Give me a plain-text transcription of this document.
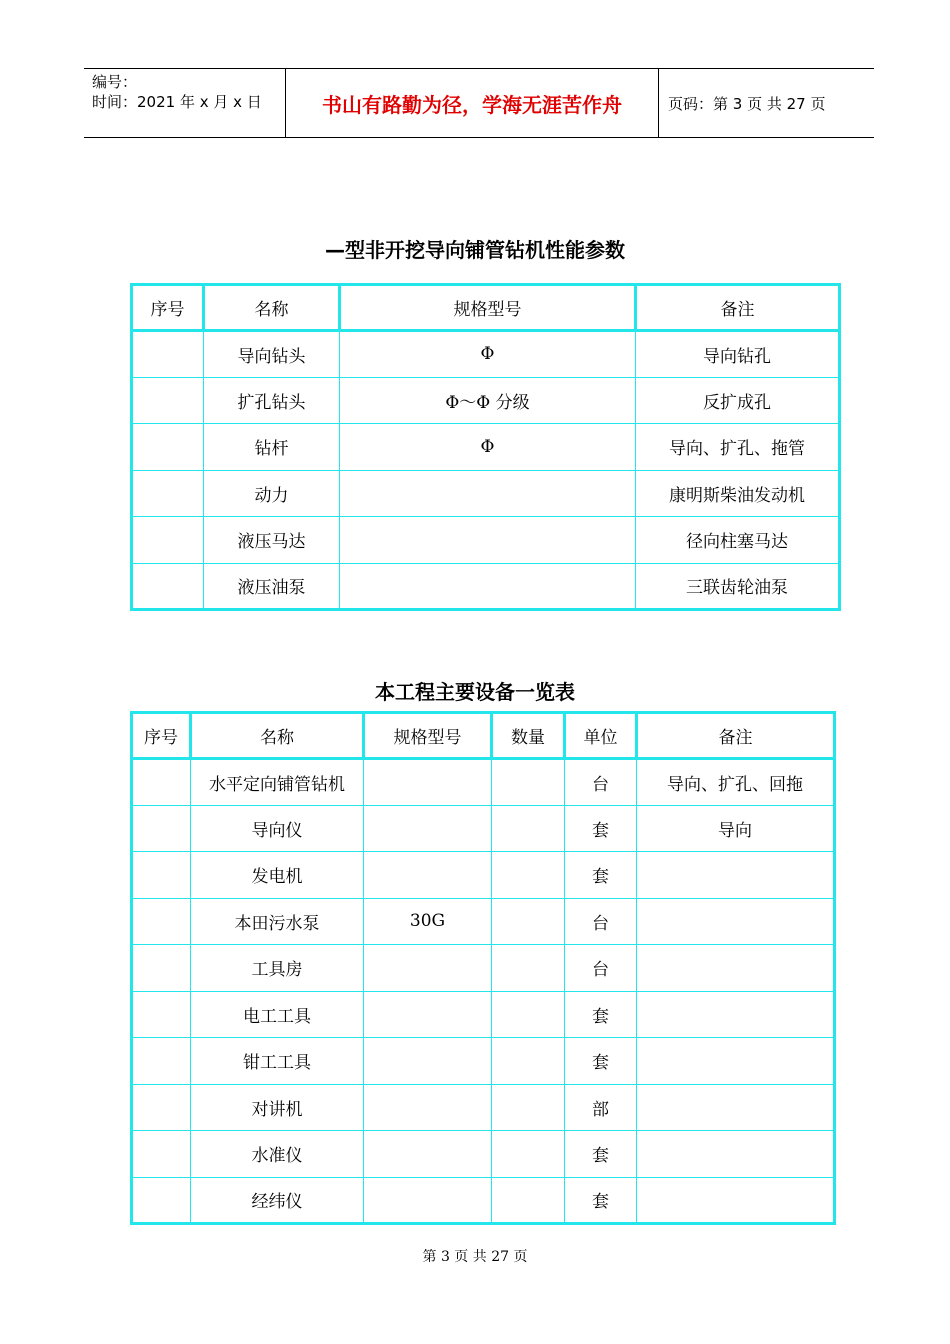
编号：
时间：2021 年 x 月 x 日	书山有路勤为径，学海无涯苦作舟	页码：第 3 页 共 27 页
—型非开挖导向铺管钻机性能参数
序号	名称	规格型号	备注
	导向钻头	Φ	导向钻孔
	扩孔钻头	Φ～Φ 分级	反扩成孔
	钻杆	Φ	导向、扩孔、拖管
	动力		康明斯柴油发动机
	液压马达		径向柱塞马达
	液压油泵		三联齿轮油泵
本工程主要设备一览表
序号	名称	规格型号	数量	单位	备注
	水平定向铺管钻机			台	导向、扩孔、回拖
	导向仪			套	导向
	发电机			套	
	本田污水泵	30G		台	
	工具房			台	
	电工工具			套	
	钳工工具			套	
	对讲机			部	
	水准仪			套	
	经纬仪			套	
第 3 页 共 27 页
